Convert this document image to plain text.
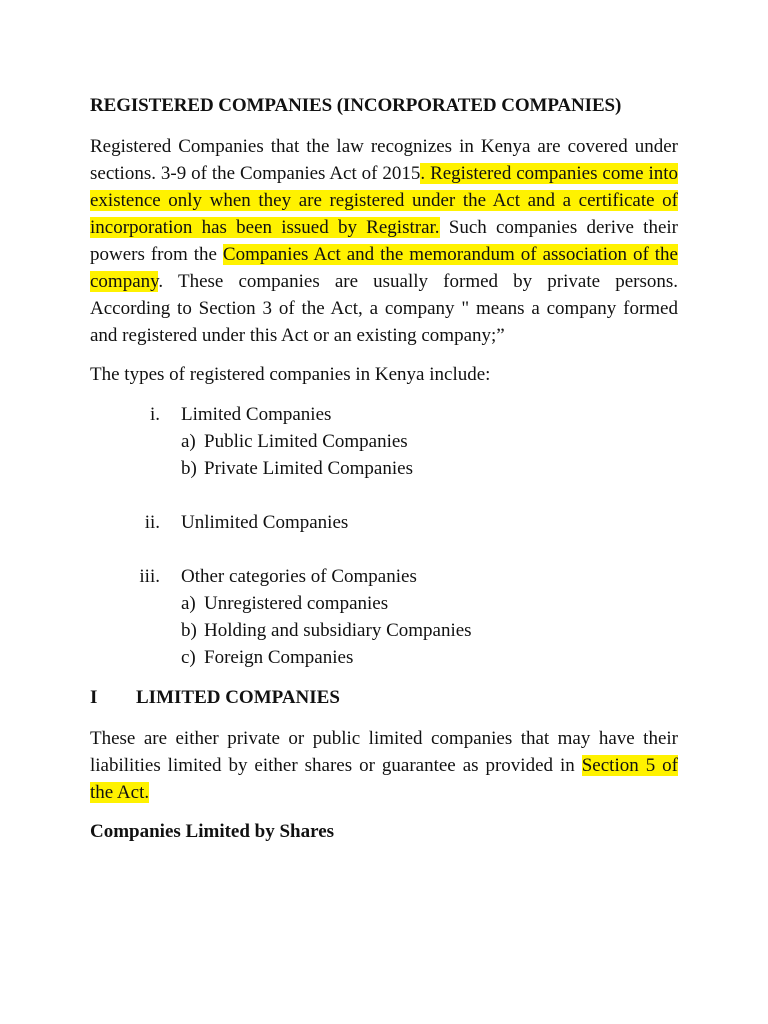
REGISTERED COMPANIES (INCORPORATED COMPANIES)

Registered Companies that the law recognizes in Kenya are covered under sections. 3-9 of the Companies Act of 2015. Registered companies come into existence only when they are registered under the Act and a certificate of incorporation has been issued by Registrar. Such companies derive their powers from the Companies Act and the memorandum of association of the company. These companies are usually formed by private persons. According to Section 3 of the Act, a company " means a company formed and registered under this Act or an existing company;”

The types of registered companies in Kenya include:

i. Limited Companies
a) Public Limited Companies
b) Private Limited Companies
ii. Unlimited Companies
iii. Other categories of Companies
a) Unregistered companies
b) Holding and subsidiary Companies
c) Foreign Companies
I LIMITED COMPANIES

These are either private or public limited companies that may have their liabilities limited by either shares or guarantee as provided in Section 5 of the Act.

Companies Limited by Shares
